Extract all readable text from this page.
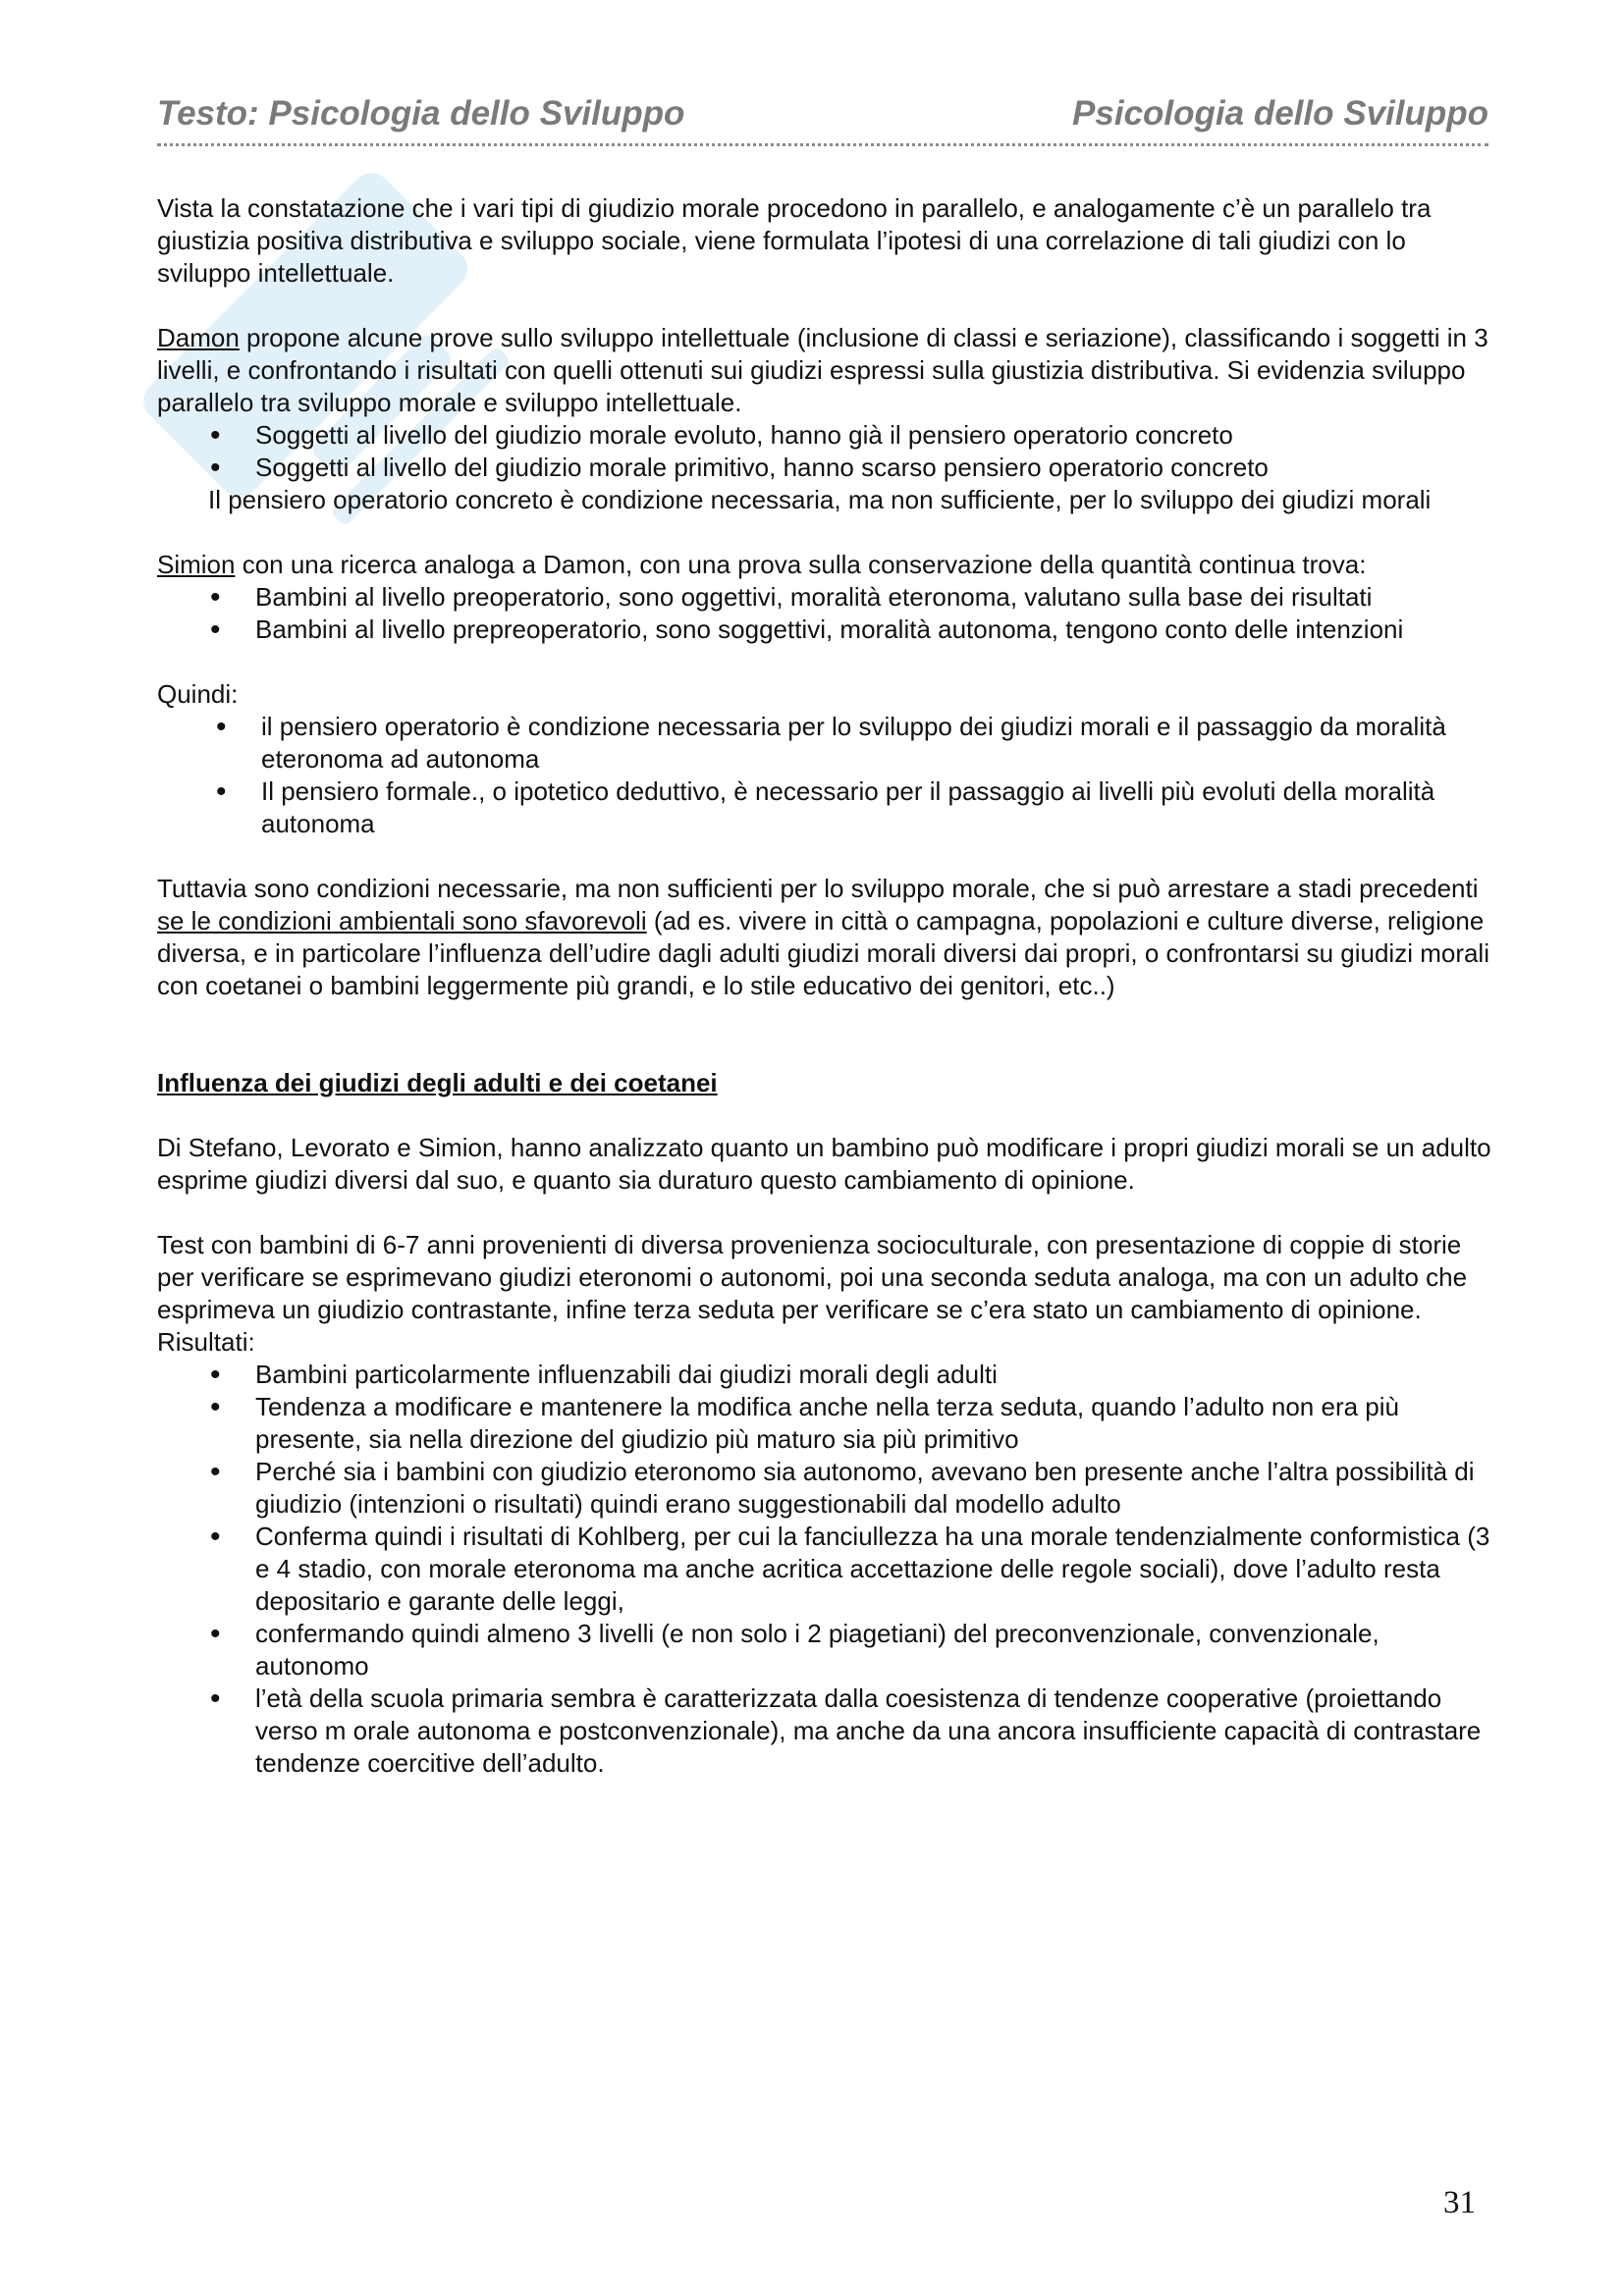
Testo: Psicologia dello Sviluppo	Psicologia dello Sviluppo

Vista la constatazione che i vari tipi di giudizio morale procedono in parallelo, e analogamente c’è un parallelo tra giustizia positiva distributiva e sviluppo sociale, viene formulata l’ipotesi di una correlazione di tali giudizi con lo sviluppo intellettuale.

Damon propone alcune prove sullo sviluppo intellettuale (inclusione di classi e seriazione), classificando i soggetti in 3 livelli, e confrontando i risultati con quelli ottenuti sui giudizi espressi sulla giustizia distributiva. Si evidenzia sviluppo parallelo tra sviluppo morale e sviluppo intellettuale.
• Soggetti al livello del giudizio morale evoluto, hanno già il pensiero operatorio concreto
• Soggetti al livello del giudizio morale primitivo, hanno scarso pensiero operatorio concreto
Il pensiero operatorio concreto è condizione necessaria, ma non sufficiente, per lo sviluppo dei giudizi morali
Simion con una ricerca analoga a Damon, con una prova sulla conservazione della quantità continua trova:
• Bambini al livello preoperatorio, sono oggettivi, moralità eteronoma, valutano sulla base dei risultati
• Bambini al livello prepreoperatorio, sono soggettivi, moralità autonoma, tengono conto delle intenzioni
Quindi:
• il pensiero operatorio è condizione necessaria per lo sviluppo dei giudizi morali e il passaggio da moralità eteronoma ad autonoma
• Il pensiero formale., o ipotetico deduttivo, è necessario per il passaggio ai livelli più evoluti della moralità autonoma

Tuttavia sono condizioni necessarie, ma non sufficienti per lo sviluppo morale, che si può arrestare a stadi precedenti se le condizioni ambientali sono sfavorevoli (ad es. vivere in città o campagna, popolazioni e culture diverse, religione diversa, e in particolare l’influenza dell’udire dagli adulti giudizi morali diversi dai propri, o confrontarsi su giudizi morali con coetanei o bambini leggermente più grandi, e lo stile educativo dei genitori, etc..)

Influenza dei giudizi degli adulti e dei coetanei

Di Stefano, Levorato e Simion, hanno analizzato quanto un bambino può modificare i propri giudizi morali se un adulto esprime giudizi diversi dal suo, e quanto sia duraturo questo cambiamento di opinione.

Test con bambini di 6-7 anni provenienti di diversa provenienza socioculturale, con presentazione di coppie di storie per verificare se esprimevano giudizi eteronomi o autonomi, poi una seconda seduta analoga, ma con un adulto che esprimeva un giudizio contrastante, infine terza seduta per verificare se c’era stato un cambiamento di opinione. Risultati:
• Bambini particolarmente influenzabili dai giudizi morali degli adulti
• Tendenza a modificare e mantenere la modifica anche nella terza seduta, quando l’adulto non era più presente, sia nella direzione del giudizio più maturo sia più primitivo
• Perché sia i bambini con giudizio eteronomo sia autonomo, avevano ben presente anche l’altra possibilità di giudizio (intenzioni o risultati) quindi erano suggestionabili dal modello adulto
• Conferma quindi i risultati di Kohlberg, per cui la fanciullezza ha una morale tendenzialmente conformistica (3 e 4 stadio, con morale eteronoma ma anche acritica accettazione delle regole sociali), dove l’adulto resta depositario e garante delle leggi,
• confermando quindi almeno 3 livelli (e non solo i 2 piagetiani) del preconvenzionale, convenzionale, autonomo
• l’età della scuola primaria sembra è caratterizzata dalla coesistenza di tendenze cooperative (proiettando verso m orale autonoma e postconvenzionale), ma anche da una ancora insufficiente capacità di contrastare tendenze coercitive dell’adulto.
31
